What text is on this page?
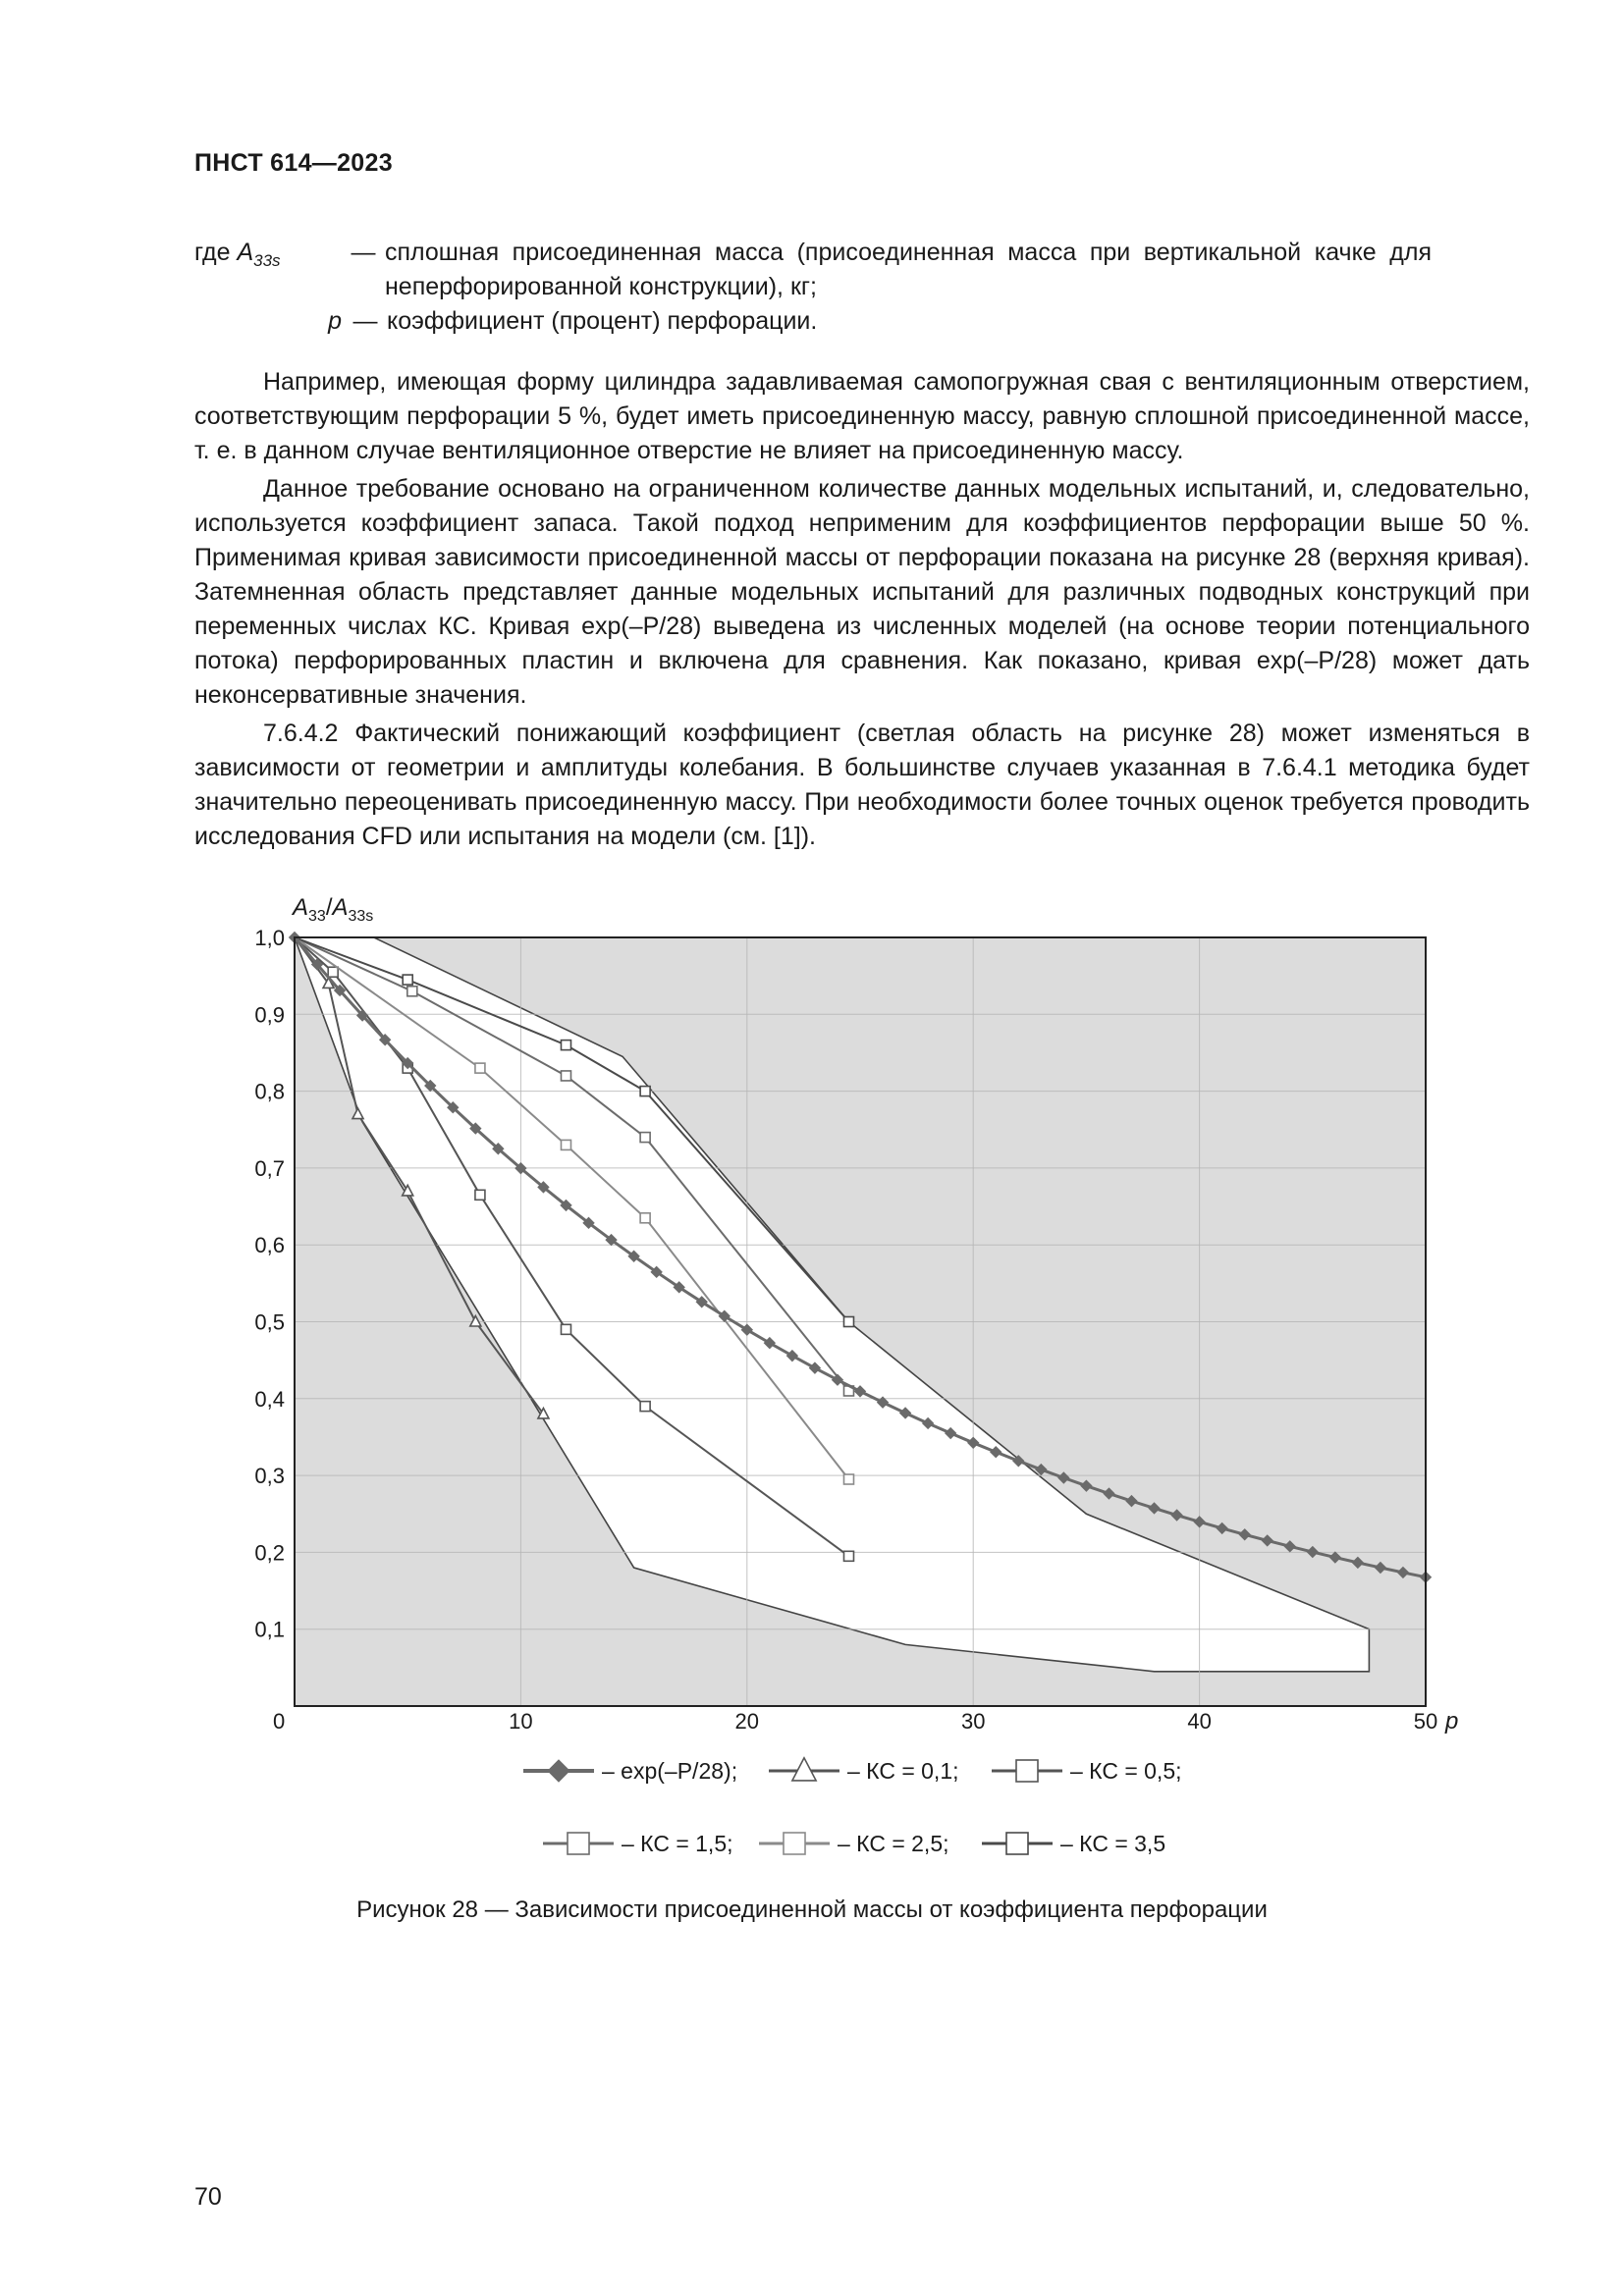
ПНСТ 614—2023
где $A_{33s}$	— сплошная присоединенная масса (присоединенная масса при вертикальной качке для неперфорированной конструкции), кг;
p — коэффициент (процент) перфорации.

Например, имеющая форму цилиндра задавливаемая самопогружная свая с вентиляционным отверстием, соответствующим перфорации 5 %, будет иметь присоединенную массу, равную сплошной присоединенной массе, т. е. в данном случае вентиляционное отверстие не влияет на присоединенную массу.

Данное требование основано на ограниченном количестве данных модельных испытаний, и, следовательно, используется коэффициент запаса. Такой подход неприменим для коэффициентов перфорации выше 50 %. Применимая кривая зависимости присоединенной массы от перфорации показана на рисунке 28 (верхняя кривая). Затемненная область представляет данные модельных испытаний для различных подводных конструкций при переменных числах КС. Кривая exp(–P/28) выведена из численных моделей (на основе теории потенциального потока) перфорированных пластин и включена для сравнения. Как показано, кривая exp(–P/28) может дать неконсервативные значения.

7.6.4.2 Фактический понижающий коэффициент (светлая область на рисунке 28) может изменяться в зависимости от геометрии и амплитуды колебания. В большинстве случаев указанная в 7.6.4.1 методика будет значительно переоценивать присоединенную массу. При необходимости более точных оценок требуется проводить исследования CFD или испытания на модели (см. [1]).

$A_{33}/A_{33s}$
p
0
– exp(–P/28);	– КС = 0,1;	– КС = 0,5;
– КС = 1,5;	– КС = 2,5;	– КС = 3,5
0,1
0,2
0,3
0,4
0,5
0,6
0,7
0,8
0,9
1,0
10	20	30	40	50
Рисунок 28 — Зависимости присоединенной массы от коэффициента перфорации
70
